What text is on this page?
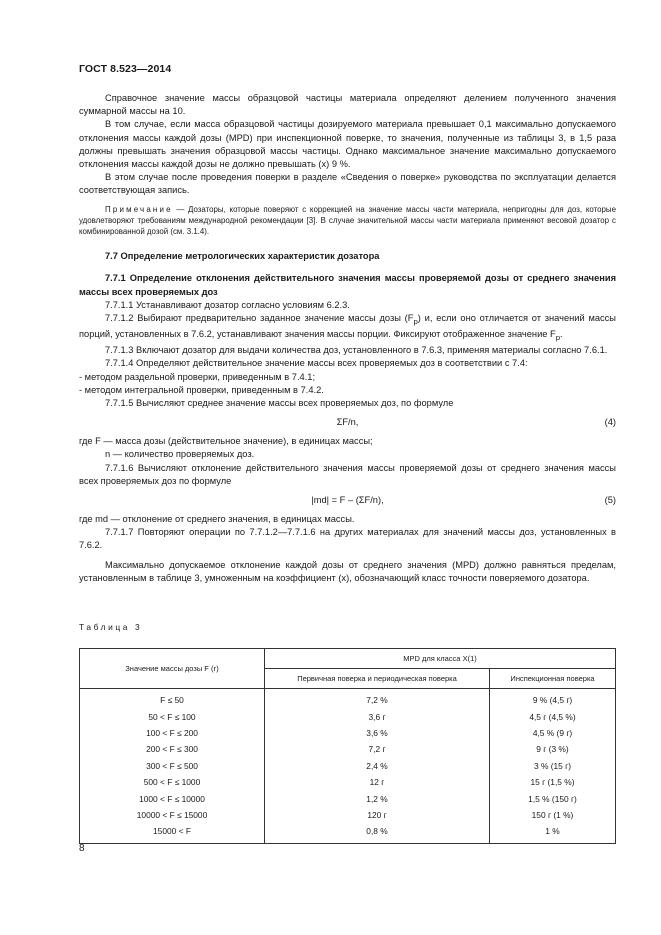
ГОСТ 8.523—2014

Справочное значение массы образцовой частицы материала определяют делением полученного значения суммарной массы на 10.

В том случае, если масса образцовой частицы дозируемого материала превышает 0,1 максимально допускаемого отклонения массы каждой дозы (MPD) при инспекционной поверке, то значения, полученные из таблицы 3, в 1,5 раза должны превышать значения образцовой массы частицы. Однако максимальное значение максимально допускаемого отклонения массы каждой дозы не должно превышать (x) 9 %.

В этом случае после проведения поверки в разделе «Сведения о поверке» руководства по эксплуатации делается соответствующая запись.

Примечание — Дозаторы, которые поверяют с коррекцией на значение массы части материала, непригодны для доз, которые удовлетворяют требованиям международной рекомендации [3]. В случае значительной массы части материала применяют весовой дозатор с комбинированной дозой (см. 3.1.4).

7.7 Определение метрологических характеристик дозатора

7.7.1 Определение отклонения действительного значения массы проверяемой дозы от среднего значения массы всех проверяемых доз

7.7.1.1 Устанавливают дозатор согласно условиям 6.2.3.

7.7.1.2 Выбирают предварительно заданное значение массы дозы $(F_p)$ и, если оно отличается от значений массы порций, установленных в 7.6.2, устанавливают значения массы порции. Фиксируют отображенное значение $F_p$.

7.7.1.3 Включают дозатор для выдачи количества доз, установленного в 7.6.3, применяя материалы согласно 7.6.1.

7.7.1.4 Определяют действительное значение массы всех проверяемых доз в соответствии с 7.4:

- методом раздельной проверки, приведенным в 7.4.1;

- методом интегральной проверки, приведенным в 7.4.2.

7.7.1.5 Вычисляют среднее значение массы всех проверяемых доз, по формуле

ΣF/n,	(4)

где F — масса дозы (действительное значение), в единицах массы;

n — количество проверяемых доз.

7.7.1.6 Вычисляют отклонение действительного значения массы проверяемой дозы от среднего значения массы всех проверяемых доз по формуле

|md| = F – (ΣF/n),	(5)

где md — отклонение от среднего значения, в единицах массы.

7.7.1.7 Повторяют операции по 7.7.1.2—7.7.1.6 на других материалах для значений массы доз, установленных в 7.6.2.

Максимально допускаемое отклонение каждой дозы от среднего значения (MPD) должно равняться пределам, установленным в таблице 3, умноженным на коэффициент (x), обозначающий класс точности поверяемого дозатора.

Таблица 3
Значение массы дозы F (г)	MPD для класса X(1)	
	Первичная поверка и периодическая поверка	Инспекционная поверка
F ≤ 50	7,2 %	9 % (4,5 г)
50 < F ≤ 100	3,6 г	4,5 г (4,5 %)
100 < F ≤ 200	3,6 %	4,5 % (9 г)
200 < F ≤ 300	7,2 г	9 г (3 %)
300 < F ≤ 500	2,4 %	3 % (15 г)
500 < F ≤ 1000	12 г	15 г (1,5 %)
1000 < F ≤ 10000	1,2 %	1,5 % (150 г)
10000 < F ≤ 15000	120 г	150 г (1 %)
15000 < F	0,8 %	1 %
8
